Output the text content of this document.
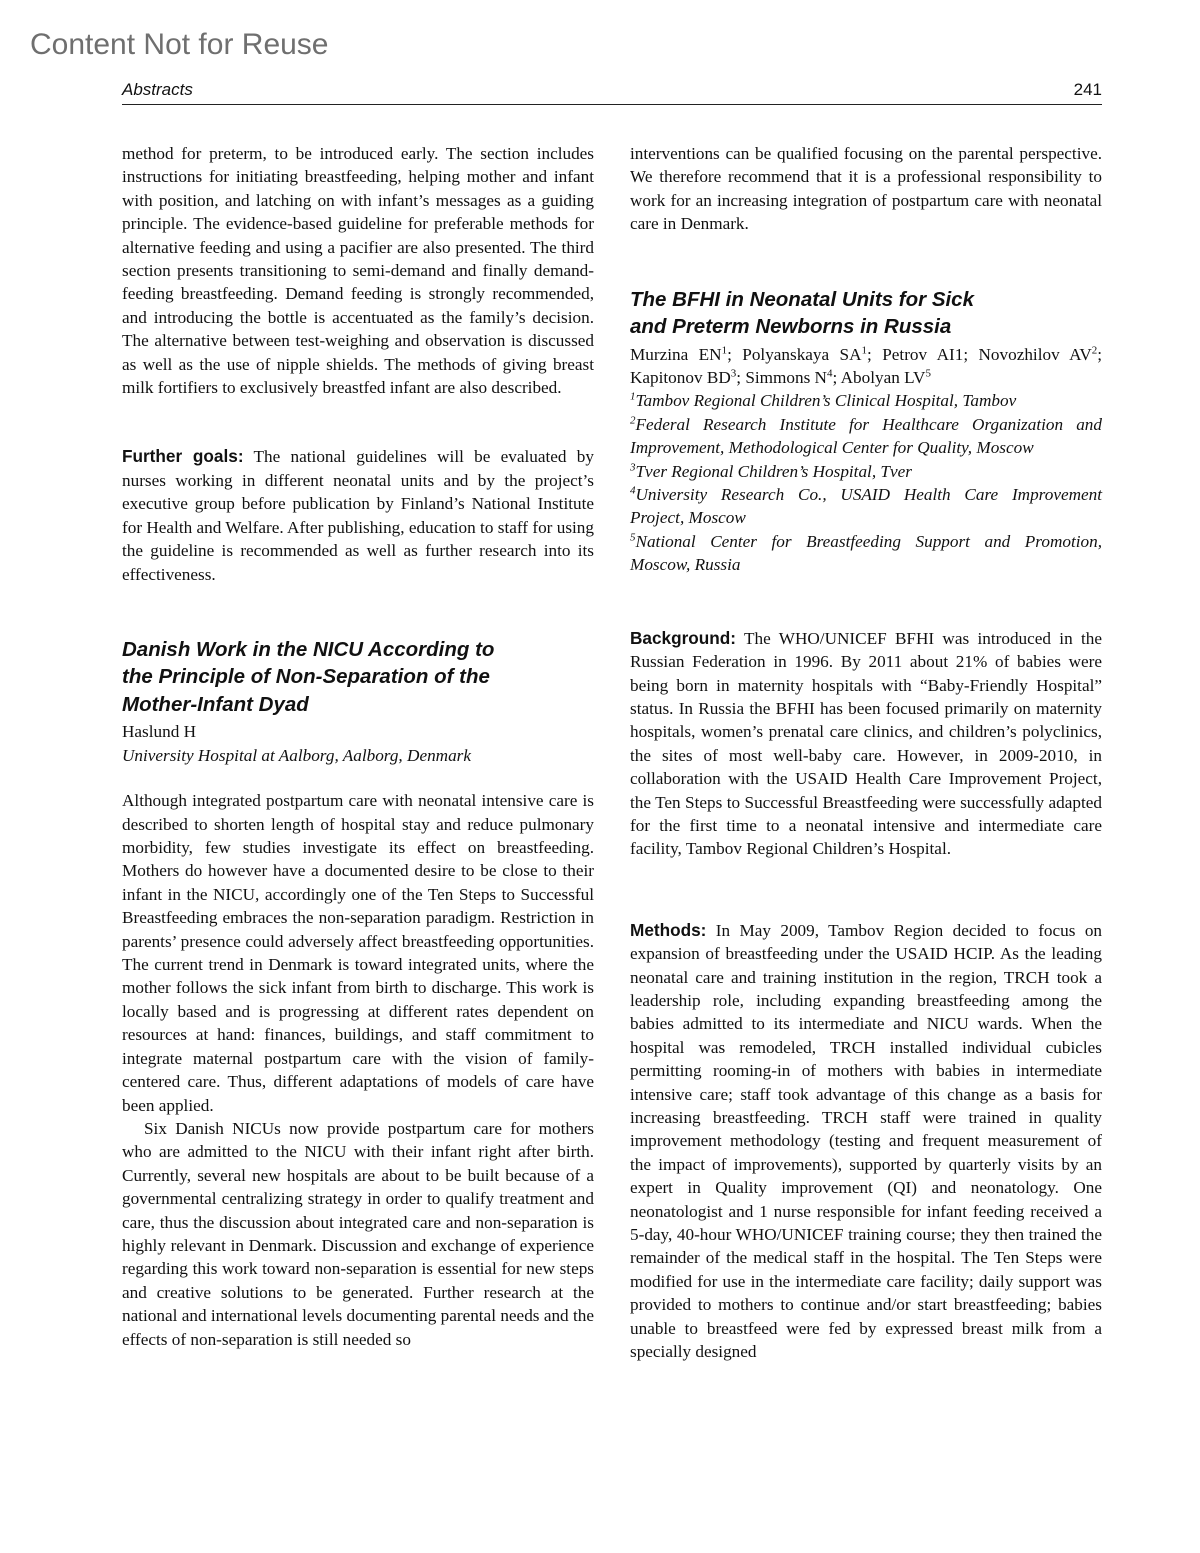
Content Not for Reuse
Abstracts	241

method for preterm, to be introduced early. The section includes instructions for initiating breastfeeding, helping mother and infant with position, and latching on with infant’s messages as a guiding principle. The evidence-based guideline for preferable methods for alternative feeding and using a pacifier are also presented. The third section presents transitioning to semi-demand and finally demand-feeding breastfeeding. Demand feeding is strongly recommended, and introducing the bottle is accentuated as the family’s decision. The alternative between test-weighing and observation is discussed as well as the use of nipple shields. The methods of giving breast milk fortifiers to exclusively breastfed infant are also described.

Further goals: The national guidelines will be evaluated by nurses working in different neonatal units and by the project’s executive group before publication by Finland’s National Institute for Health and Welfare. After publishing, education to staff for using the guideline is recommended as well as further research into its effectiveness.

Danish Work in the NICU According to
the Principle of Non-Separation of the
Mother-Infant Dyad

Haslund H

University Hospital at Aalborg, Aalborg, Denmark

Although integrated postpartum care with neonatal intensive care is described to shorten length of hospital stay and reduce pulmonary morbidity, few studies investigate its effect on breastfeeding. Mothers do however have a documented desire to be close to their infant in the NICU, accordingly one of the Ten Steps to Successful Breastfeeding embraces the non-separation paradigm. Restriction in parents’ presence could adversely affect breastfeeding opportunities. The current trend in Denmark is toward integrated units, where the mother follows the sick infant from birth to discharge. This work is locally based and is progressing at different rates dependent on resources at hand: finances, buildings, and staff commitment to integrate maternal postpartum care with the vision of family-centered care. Thus, different adaptations of models of care have been applied.

Six Danish NICUs now provide postpartum care for mothers who are admitted to the NICU with their infant right after birth. Currently, several new hospitals are about to be built because of a governmental centralizing strategy in order to qualify treatment and care, thus the discussion about integrated care and non-separation is highly relevant in Denmark. Discussion and exchange of experience regarding this work toward non-separation is essential for new steps and creative solutions to be generated. Further research at the national and international levels documenting parental needs and the effects of non-separation is still needed so

interventions can be qualified focusing on the parental perspective. We therefore recommend that it is a professional responsibility to work for an increasing integration of postpartum care with neonatal care in Denmark.

The BFHI in Neonatal Units for Sick
and Preterm Newborns in Russia

Murzina $EN^1$; Polyanskaya $SA^1$; Petrov AI1; Novozhilov $AV^2$; Kapitonov $BD^3$; Simmons $N^4$; Abolyan $LV^5$

$^1$Tambov Regional Children’s Clinical Hospital, Tambov

$^2$Federal Research Institute for Healthcare Organization and Improvement, Methodological Center for Quality, Moscow

$^3$Tver Regional Children’s Hospital, Tver

$^4$University Research Co., USAID Health Care Improvement Project, Moscow

$^5$National Center for Breastfeeding Support and Promotion, Moscow, Russia

Background: The WHO/UNICEF BFHI was introduced in the Russian Federation in 1996. By 2011 about 21% of babies were being born in maternity hospitals with “Baby-Friendly Hospital” status. In Russia the BFHI has been focused primarily on maternity hospitals, women’s prenatal care clinics, and children’s polyclinics, the sites of most well-baby care. However, in 2009-2010, in collaboration with the USAID Health Care Improvement Project, the Ten Steps to Successful Breastfeeding were successfully adapted for the first time to a neonatal intensive and intermediate care facility, Tambov Regional Children’s Hospital.

Methods: In May 2009, Tambov Region decided to focus on expansion of breastfeeding under the USAID HCIP. As the leading neonatal care and training institution in the region, TRCH took a leadership role, including expanding breastfeeding among the babies admitted to its intermediate and NICU wards. When the hospital was remodeled, TRCH installed individual cubicles permitting rooming-in of mothers with babies in intermediate intensive care; staff took advantage of this change as a basis for increasing breastfeeding. TRCH staff were trained in quality improvement methodology (testing and frequent measurement of the impact of improvements), supported by quarterly visits by an expert in Quality improvement (QI) and neonatology. One neonatologist and 1 nurse responsible for infant feeding received a 5-day, 40-hour WHO/UNICEF training course; they then trained the remainder of the medical staff in the hospital. The Ten Steps were modified for use in the intermediate care facility; daily support was provided to mothers to continue and/or start breastfeeding; babies unable to breastfeed were fed by expressed breast milk from a specially designed
